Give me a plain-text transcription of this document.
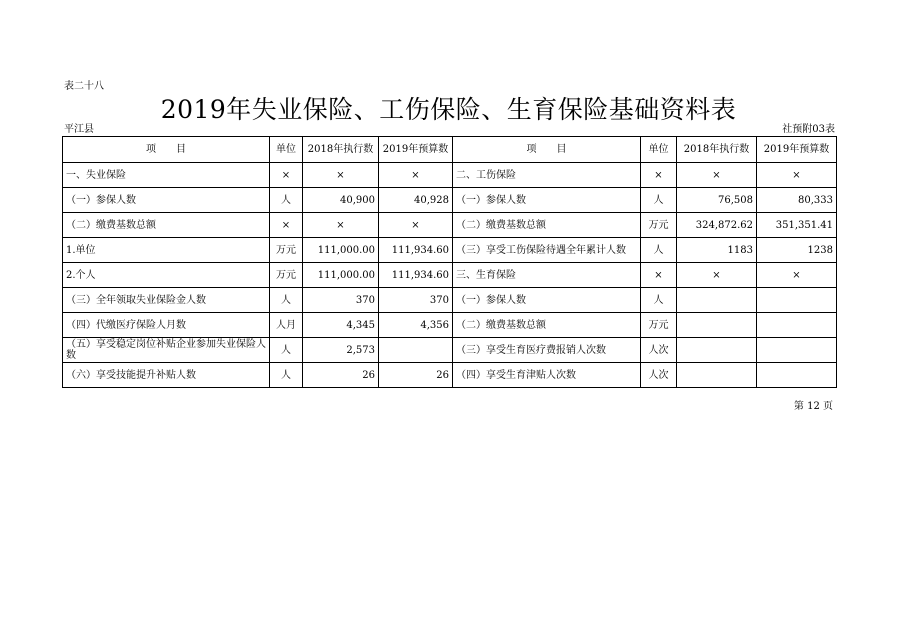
表二十八
2019年失业保险、工伤保险、生育保险基础资料表
平江县	社预附03表
项　　目	单位	2018年执行数	2019年预算数	项　　目	单位	2018年执行数	2019年预算数
一、失业保险	×	×	×	二、工伤保险	×	×	×
（一）参保人数	人	40,900	40,928	（一）参保人数	人	76,508	80,333
（二）缴费基数总额	×	×	×	（二）缴费基数总额	万元	324,872.62	351,351.41
1.单位	万元	111,000.00	111,934.60	（三）享受工伤保险待遇全年累计人数	人	1183	1238
2.个人	万元	111,000.00	111,934.60	三、生育保险	×	×	×
（三）全年领取失业保险金人数	人	370	370	（一）参保人数	人		
（四）代缴医疗保险人月数	人月	4,345	4,356	（二）缴费基数总额	万元		
（五）享受稳定岗位补贴企业参加失业保险人数	人	2,573		（三）享受生育医疗费报销人次数	人次		
（六）享受技能提升补贴人数	人	26	26	（四）享受生育津贴人次数	人次		
第 12 页
